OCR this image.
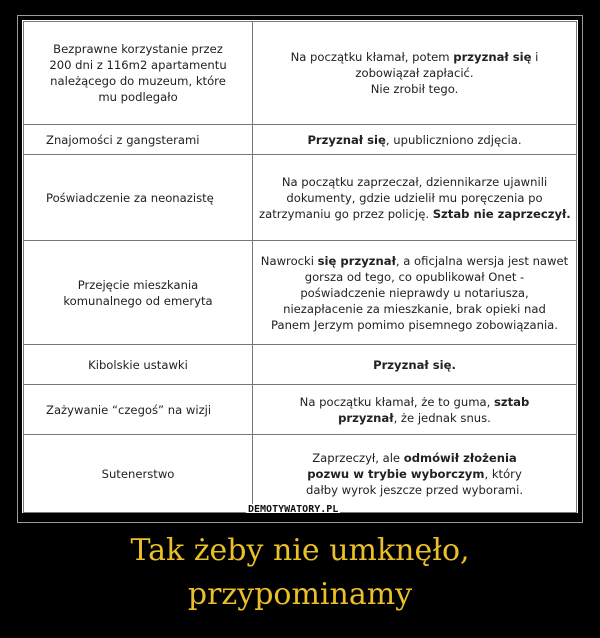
Bezprawne korzystanie przez
200 dni z 116m2 apartamentu
należącego do muzeum, które
mu podlegało	Na początku kłamał, potem przyznał się i
zobowiązał zapłacić.
Nie zrobił tego.

Znajomości z gangsterami	Przyznał się, upubliczniono zdjęcia.

Poświadczenie za neonazistę	Na początku zaprzeczał, dziennikarze ujawnili
dokumenty, gdzie udzielił mu poręczenia po
zatrzymaniu go przez policję. Sztab nie zaprzeczył.

Przejęcie mieszkania
komunalnego od emeryta	Nawrocki się przyznał, a oficjalna wersja jest nawet
gorsza od tego, co opublikował Onet -
poświadczenie nieprawdy u notariusza,
niezapłacenie za mieszkanie, brak opieki nad
Panem Jerzym pomimo pisemnego zobowiązania.

Kibolskie ustawki	Przyznał się.

Zażywanie “czegoś” na wizji	Na początku kłamał, że to guma, sztab
przyznał, że jednak snus.

Sutenerstwo	Zaprzeczył, ale odmówił złożenia
pozwu w trybie wyborczym, który
dałby wyrok jeszcze przed wyborami.
DEMOTYWATORY.PL
Tak żeby nie umknęło,
przypominamy
